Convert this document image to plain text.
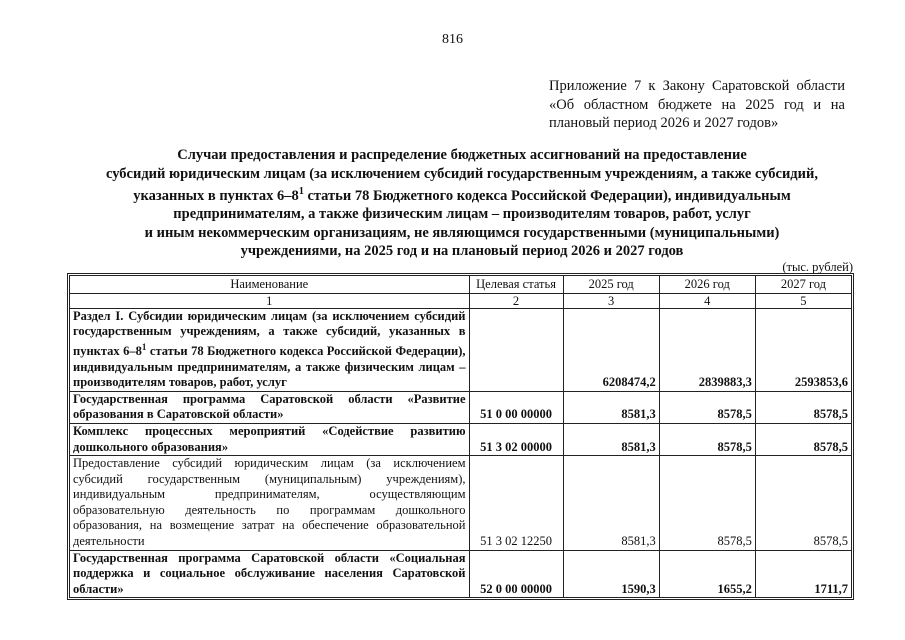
816
Приложение 7 к Закону Саратовской области
«Об областном бюджете на 2025 год и на
плановый период 2026 и 2027 годов»
Случаи предоставления и распределение бюджетных ассигнований на предоставление
субсидий юридическим лицам (за исключением субсидий государственным учреждениям, а также субсидий,
указанных в пунктах $6-8^1$ статьи 78 Бюджетного кодекса Российской Федерации), индивидуальным
предпринимателям, а также физическим лицам – производителям товаров, работ, услуг
и иным некоммерческим организациям, не являющимся государственными (муниципальными)
учреждениями, на 2025 год и на плановый период 2026 и 2027 годов
(тыс. рублей)
Наименование	Целевая статья	2025 год	2026 год	2027 год
1	2	3	4	5
Раздел I. Субсидии юридическим лицам (за исключением субсидий государственным учреждениям, а также субсидий, указанных в пунктах $6-8^1$ статьи 78 Бюджетного кодекса Российской Федерации), индивидуальным предпринимателям, а также физическим лицам – производителям товаров, работ, услуг		6208474,2	2839883,3	2593853,6
Государственная программа Саратовской области «Развитие образования в Саратовской области»	51 0 00 00000	8581,3	8578,5	8578,5
Комплекс процессных мероприятий «Содействие развитию дошкольного образования»	51 3 02 00000	8581,3	8578,5	8578,5
Предоставление субсидий юридическим лицам (за исключением субсидий государственным (муниципальным) учреждениям), индивидуальным предпринимателям, осуществляющим образовательную деятельность по программам дошкольного образования, на возмещение затрат на обеспечение образовательной деятельности	51 3 02 12250	8581,3	8578,5	8578,5
Государственная программа Саратовской области «Социальная поддержка и социальное обслуживание населения Саратовской области»	52 0 00 00000	1590,3	1655,2	1711,7
